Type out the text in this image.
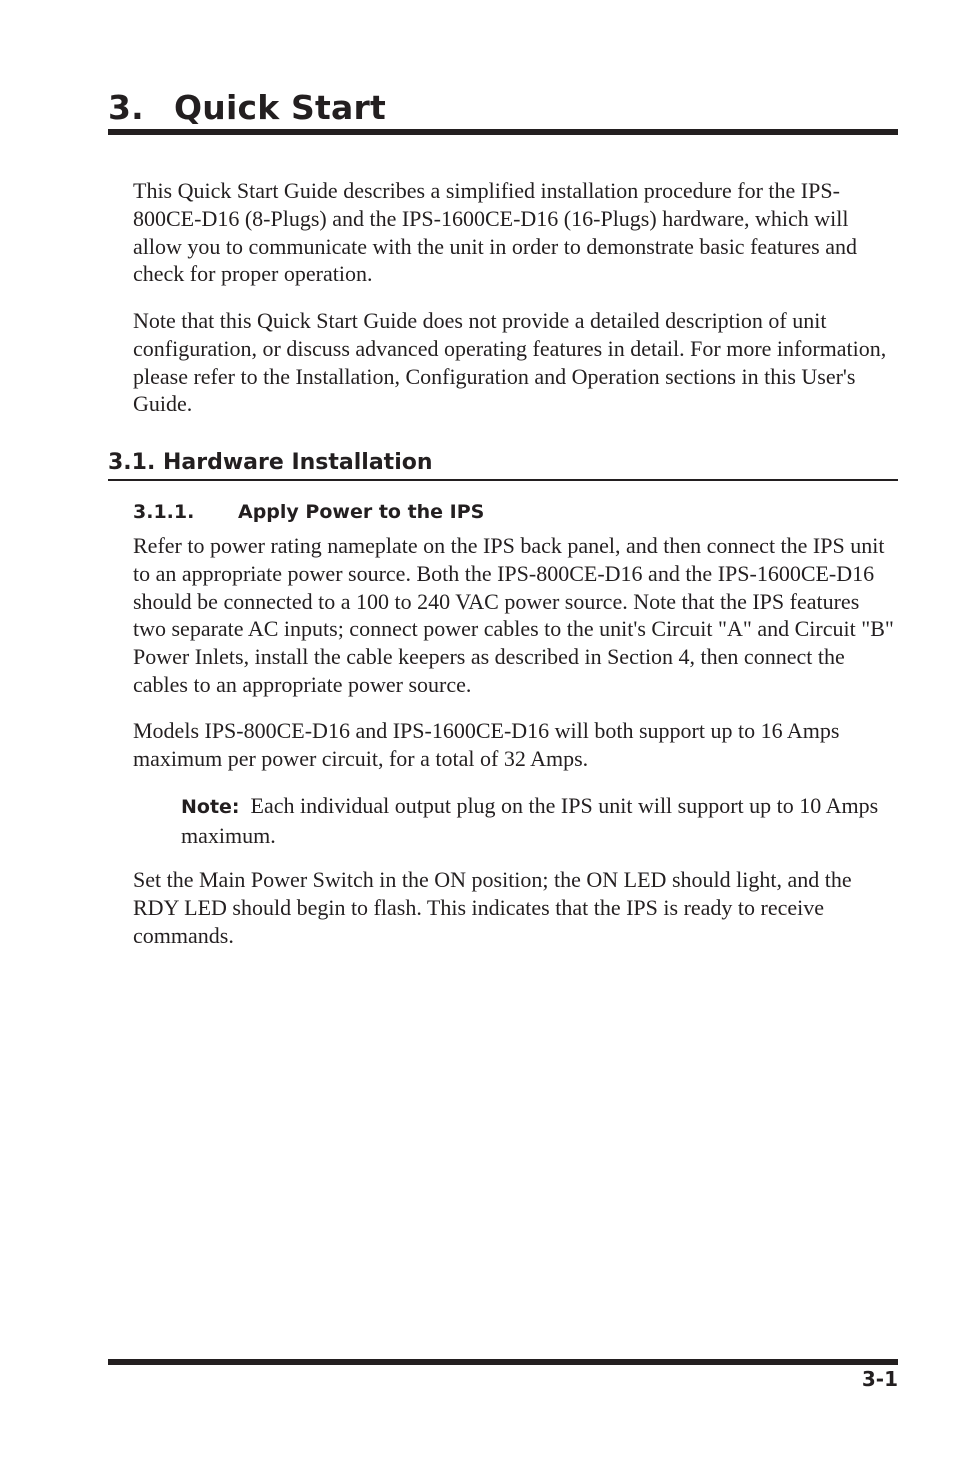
3. Quick Start

This Quick Start Guide describes a simplified installation procedure for the IPS-800CE-D16 (8-Plugs) and the IPS-1600CE-D16 (16-Plugs) hardware, which will allow you to communicate with the unit in order to demonstrate basic features and check for proper operation.

Note that this Quick Start Guide does not provide a detailed description of unit configuration, or discuss advanced operating features in detail. For more information, please refer to the Installation, Configuration and Operation sections in this User's Guide.

3.1. Hardware Installation
3.1.1. Apply Power to the IPS

Refer to power rating nameplate on the IPS back panel, and then connect the IPS unit to an appropriate power source. Both the IPS-800CE-D16 and the IPS-1600CE-D16 should be connected to a 100 to 240 VAC power source. Note that the IPS features two separate AC inputs; connect power cables to the unit's Circuit "A" and Circuit "B" Power Inlets, install the cable keepers as described in Section 4, then connect the cables to an appropriate power source.

Models IPS-800CE-D16 and IPS-1600CE-D16 will both support up to 16 Amps maximum per power circuit, for a total of 32 Amps.

Note: Each individual output plug on the IPS unit will support up to 10 Amps maximum.

Set the Main Power Switch in the ON position; the ON LED should light, and the RDY LED should begin to flash. This indicates that the IPS is ready to receive commands.

3-1
